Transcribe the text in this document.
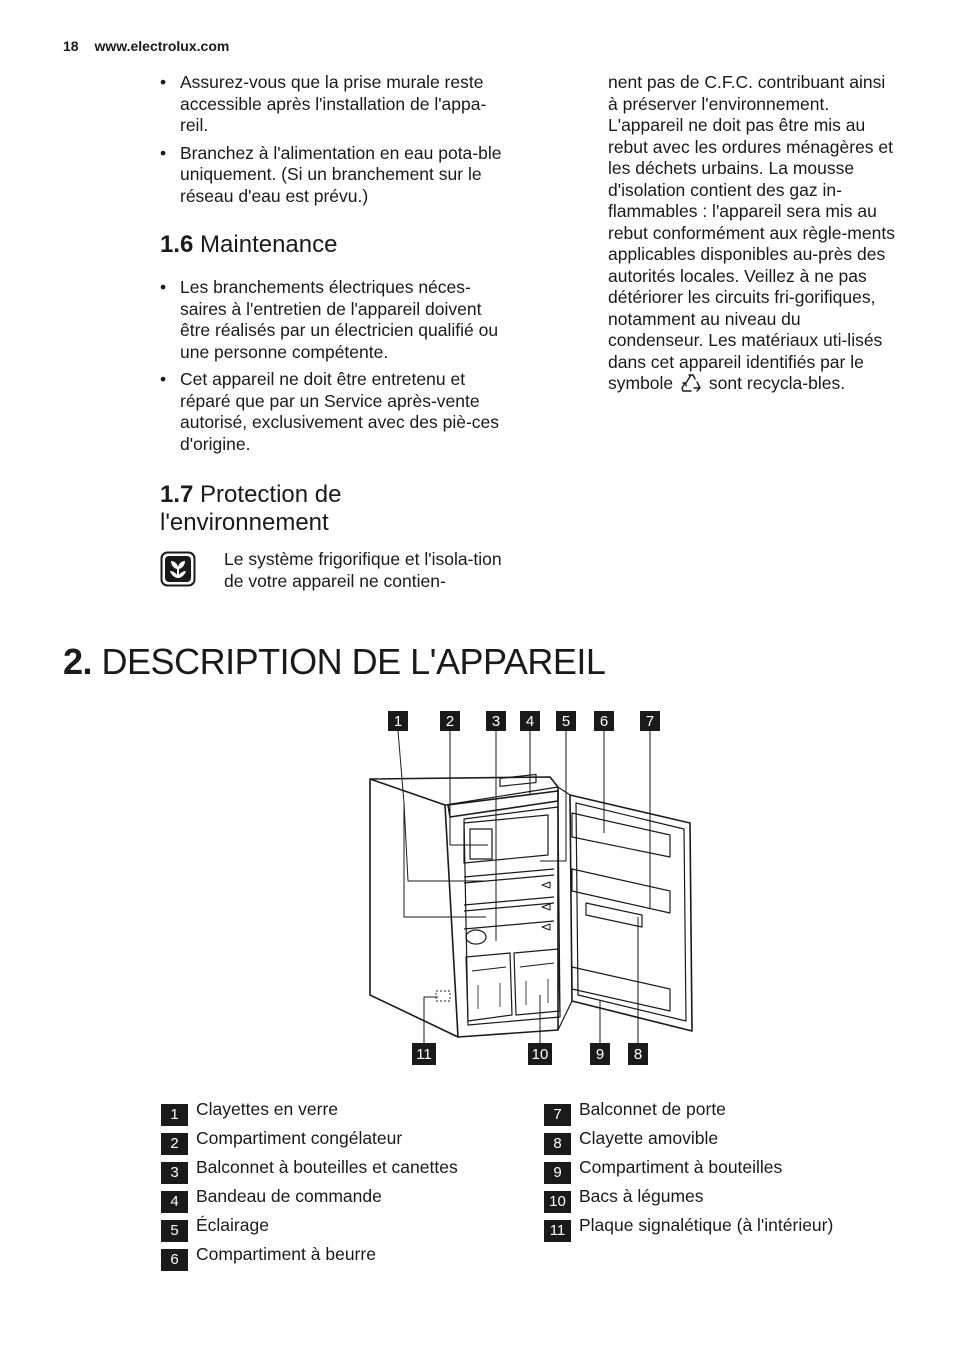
18 www.electrolux.com
• Assurez-vous que la prise murale reste accessible après l'installation de l'appa-reil.
• Branchez à l'alimentation en eau pota-ble uniquement. (Si un branchement sur le réseau d'eau est prévu.)
1.6 Maintenance
• Les branchements électriques néces-saires à l'entretien de l'appareil doivent être réalisés par un électricien qualifié ou une personne compétente.
• Cet appareil ne doit être entretenu et réparé que par un Service après-vente autorisé, exclusivement avec des piè-ces d'origine.
1.7 Protection de
l'environnement
Le système frigorifique et l'isola-tion de votre appareil ne contien-
nent pas de C.F.C. contribuant ainsi à préserver l'environnement. L'appareil ne doit pas être mis au rebut avec les ordures ménagères et les déchets urbains. La mousse d'isolation contient des gaz in-flammables : l'appareil sera mis au rebut conformément aux règle-ments applicables disponibles au-près des autorités locales. Veillez à ne pas détériorer les circuits fri-gorifiques, notamment au niveau du condenseur. Les matériaux uti-lisés dans cet appareil identifiés par le symbole sont recycla-bles.
2. DESCRIPTION DE L'APPAREIL
1	2	3 4 5 6	7
11	10	9 8
1 Clayettes en verre
2 Compartiment congélateur
3 Balconnet à bouteilles et canettes
4 Bandeau de commande
5 Éclairage
6 Compartiment à beurre
7 Balconnet de porte
8 Clayette amovible
9 Compartiment à bouteilles
10 Bacs à légumes
11 Plaque signalétique (à l'intérieur)
